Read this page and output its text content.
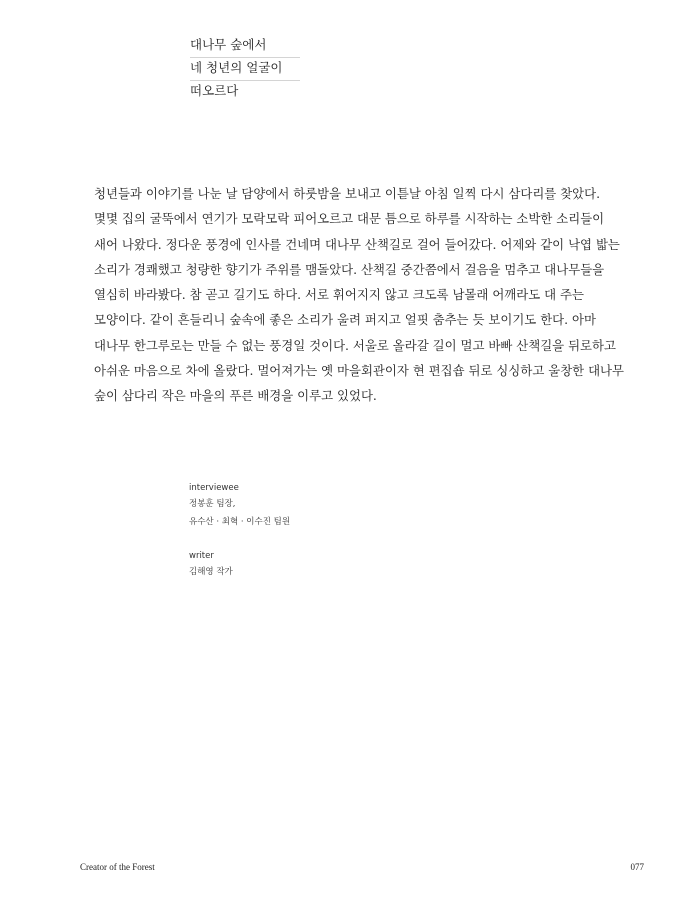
대나무 숲에서
네 청년의 얼굴이
떠오르다
청년들과 이야기를 나눈 날 담양에서 하룻밤을 보내고 이튿날 아침 일찍 다시 삼다리를 찾았다.
몇몇 집의 굴뚝에서 연기가 모락모락 피어오르고 대문 틈으로 하루를 시작하는 소박한 소리들이
새어 나왔다. 정다운 풍경에 인사를 건네며 대나무 산책길로 걸어 들어갔다. 어제와 같이 낙엽 밟는
소리가 경쾌했고 청량한 향기가 주위를 맴돌았다. 산책길 중간쯤에서 걸음을 멈추고 대나무들을
열심히 바라봤다. 참 곧고 길기도 하다. 서로 휘어지지 않고 크도록 남몰래 어깨라도 대 주는
모양이다. 같이 흔들리니 숲속에 좋은 소리가 울려 퍼지고 얼핏 춤추는 듯 보이기도 한다. 아마
대나무 한그루로는 만들 수 없는 풍경일 것이다. 서울로 올라갈 길이 멀고 바빠 산책길을 뒤로하고
아쉬운 마음으로 차에 올랐다. 멀어져가는 옛 마을회관이자 현 편집숍 뒤로 싱싱하고 울창한 대나무
숲이 삼다리 작은 마을의 푸른 배경을 이루고 있었다.
interviewee
정봉훈 팀장,
유수산 · 최혁 · 이수진 팀원
writer
김해영 작가
Creator of the Forest	077
